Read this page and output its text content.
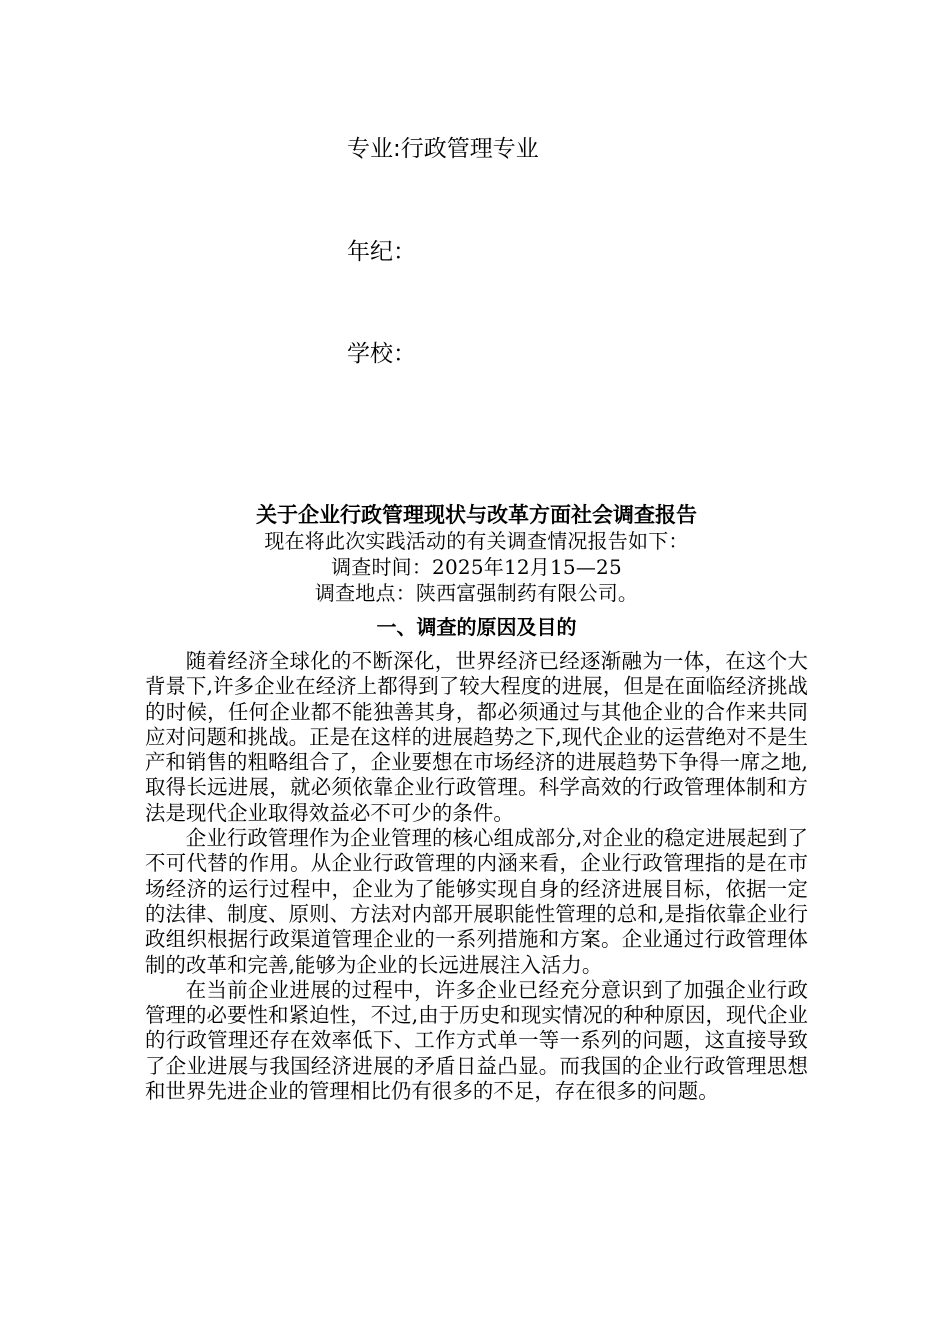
专业:行政管理专业
年纪：
学校：
关于企业行政管理现状与改革方面社会调查报告
现在将此次实践活动的有关调查情况报告如下：
调查时间：2025年12月15—25
调查地点：陕西富强制药有限公司。
一、调查的原因及目的

随着经济全球化的不断深化，世界经济已经逐渐融为一体，在这个大背景下,许多企业在经济上都得到了较大程度的进展，但是在面临经济挑战的时候，任何企业都不能独善其身，都必须通过与其他企业的合作来共同应对问题和挑战。正是在这样的进展趋势之下,现代企业的运营绝对不是生产和销售的粗略组合了，企业要想在市场经济的进展趋势下争得一席之地,取得长远进展，就必须依靠企业行政管理。科学高效的行政管理体制和方法是现代企业取得效益必不可少的条件。

企业行政管理作为企业管理的核心组成部分,对企业的稳定进展起到了不可代替的作用。从企业行政管理的内涵来看，企业行政管理指的是在市场经济的运行过程中，企业为了能够实现自身的经济进展目标，依据一定的法律、制度、原则、方法对内部开展职能性管理的总和,是指依靠企业行政组织根据行政渠道管理企业的一系列措施和方案。企业通过行政管理体制的改革和完善,能够为企业的长远进展注入活力。

在当前企业进展的过程中，许多企业已经充分意识到了加强企业行政管理的必要性和紧迫性，不过,由于历史和现实情况的种种原因，现代企业的行政管理还存在效率低下、工作方式单一等一系列的问题，这直接导致了企业进展与我国经济进展的矛盾日益凸显。而我国的企业行政管理思想和世界先进企业的管理相比仍有很多的不足，存在很多的问题。
